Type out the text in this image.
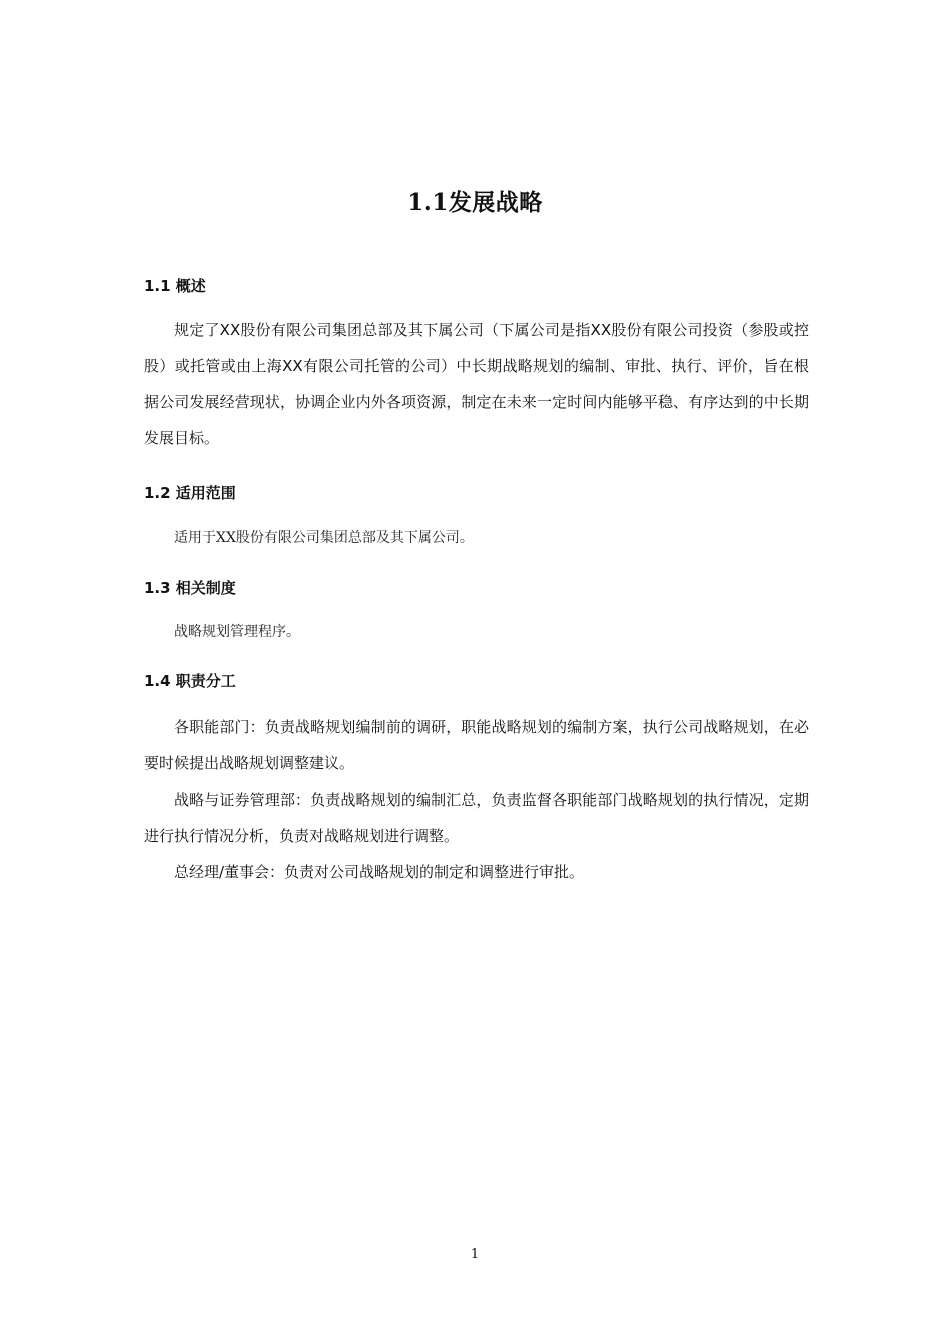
1.1发展战略
1.1 概述
规定了XX股份有限公司集团总部及其下属公司（下属公司是指XX股份有限公司投资（参股或控股）或托管或由上海XX有限公司托管的公司）中长期战略规划的编制、审批、执行、评价，旨在根据公司发展经营现状，协调企业内外各项资源，制定在未来一定时间内能够平稳、有序达到的中长期发展目标。
1.2 适用范围
适用于XX股份有限公司集团总部及其下属公司。
1.3 相关制度
战略规划管理程序。
1.4 职责分工
各职能部门：负责战略规划编制前的调研，职能战略规划的编制方案，执行公司战略规划，在必要时候提出战略规划调整建议。
战略与证券管理部：负责战略规划的编制汇总，负责监督各职能部门战略规划的执行情况，定期进行执行情况分析，负责对战略规划进行调整。
总经理/董事会：负责对公司战略规划的制定和调整进行审批。
1
